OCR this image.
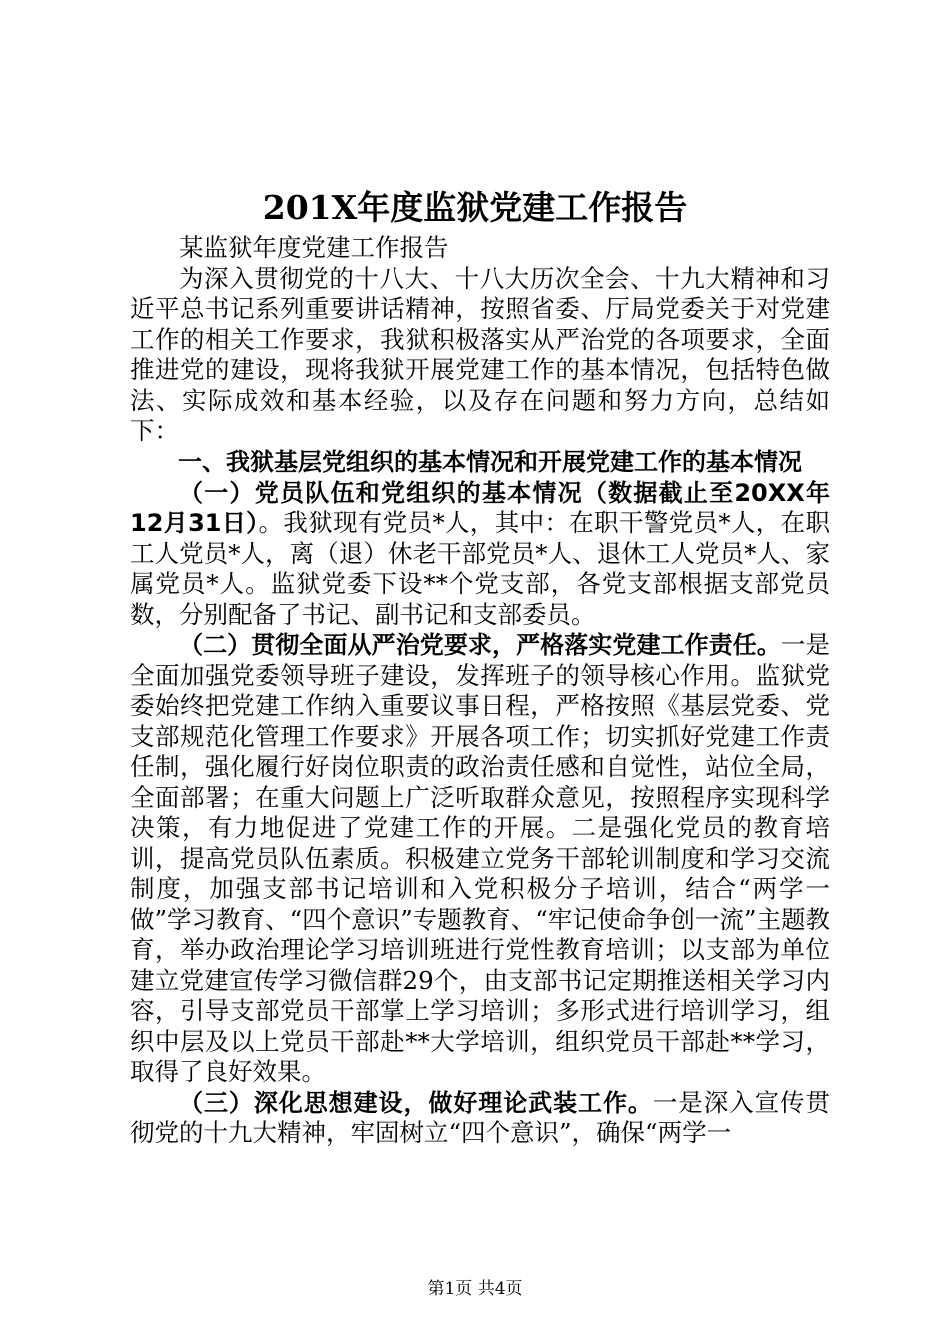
201X年度监狱党建工作报告

某监狱年度党建工作报告

为深入贯彻党的十八大、十八大历次全会、十九大精神和习近平总书记系列重要讲话精神，按照省委、厅局党委关于对党建工作的相关工作要求，我狱积极落实从严治党的各项要求，全面推进党的建设，现将我狱开展党建工作的基本情况，包括特色做法、实际成效和基本经验，以及存在问题和努力方向，总结如下：

一、我狱基层党组织的基本情况和开展党建工作的基本情况

（一）党员队伍和党组织的基本情况（数据截止至20XX年12月31日）。我狱现有党员*人，其中：在职干警党员*人，在职工人党员*人，离（退）休老干部党员*人、退休工人党员*人、家属党员*人。监狱党委下设**个党支部，各党支部根据支部党员数，分别配备了书记、副书记和支部委员。

（二）贯彻全面从严治党要求，严格落实党建工作责任。一是全面加强党委领导班子建设，发挥班子的领导核心作用。监狱党委始终把党建工作纳入重要议事日程，严格按照《基层党委、党支部规范化管理工作要求》开展各项工作；切实抓好党建工作责任制，强化履行好岗位职责的政治责任感和自觉性，站位全局，全面部署；在重大问题上广泛听取群众意见，按照程序实现科学决策，有力地促进了党建工作的开展。二是强化党员的教育培训，提高党员队伍素质。积极建立党务干部轮训制度和学习交流制度，加强支部书记培训和入党积极分子培训，结合“两学一做”学习教育、“四个意识”专题教育、“牢记使命争创一流”主题教育，举办政治理论学习培训班进行党性教育培训；以支部为单位建立党建宣传学习微信群29个，由支部书记定期推送相关学习内容，引导支部党员干部掌上学习培训；多形式进行培训学习，组织中层及以上党员干部赴**大学培训，组织党员干部赴**学习，取得了良好效果。

（三）深化思想建设，做好理论武装工作。一是深入宣传贯彻党的十九大精神，牢固树立“四个意识”，确保“两学一

第1页 共4页
